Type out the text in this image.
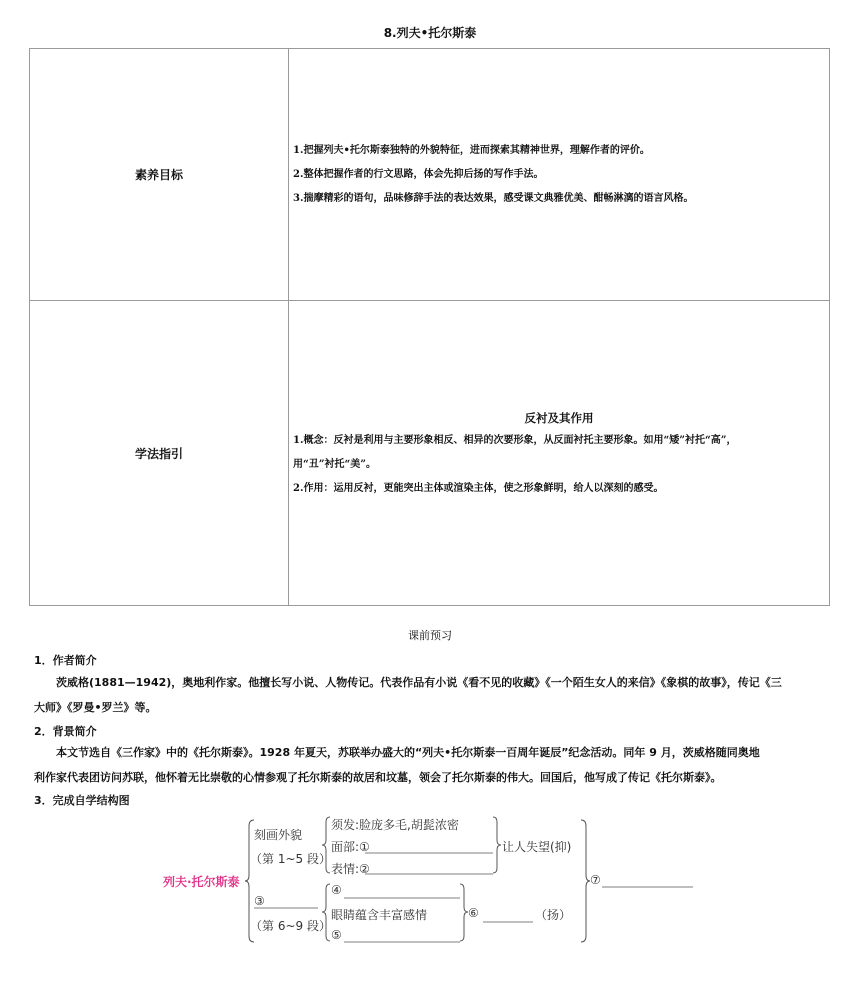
8.列夫•托尔斯泰
素养目标	1.把握列夫•托尔斯泰独特的外貌特征，进而探索其精神世界，理解作者的评价。
2.整体把握作者的行文思路，体会先抑后扬的写作手法。
3.揣摩精彩的语句，品味修辞手法的表达效果，感受课文典雅优美、酣畅淋漓的语言风格。

学法指引	反衬及其作用
1.概念：反衬是利用与主要形象相反、相异的次要形象，从反面衬托主要形象。如用“矮”衬托“高”，
用“丑”衬托“美”。
2.作用：运用反衬，更能突出主体或渲染主体，使之形象鲜明，给人以深刻的感受。
课前预习
1．作者简介
茨威格(1881—1942)，奥地利作家。他擅长写小说、人物传记。代表作品有小说《看不见的收藏》《一个陌生女人的来信》《象棋的故事》，传记《三
大师》《罗曼•罗兰》等。
2．背景简介
本文节选自《三作家》中的《托尔斯泰》。1928 年夏天，苏联举办盛大的“列夫•托尔斯泰一百周年诞辰”纪念活动。同年 9 月，茨威格随同奥地
利作家代表团访问苏联，他怀着无比崇敬的心情参观了托尔斯泰的故居和坟墓，领会了托尔斯泰的伟大。回国后，他写成了传记《托尔斯泰》。
3．完成自学结构图
列夫·托尔斯泰
刻画外貌
（第 1~5 段）
须发:脸庞多毛,胡髭浓密
面部:①
表情:②
让人失望(抑)
③
（第 6~9 段）
④
眼睛蕴含丰富感情
⑤
⑥	（扬）
⑦
